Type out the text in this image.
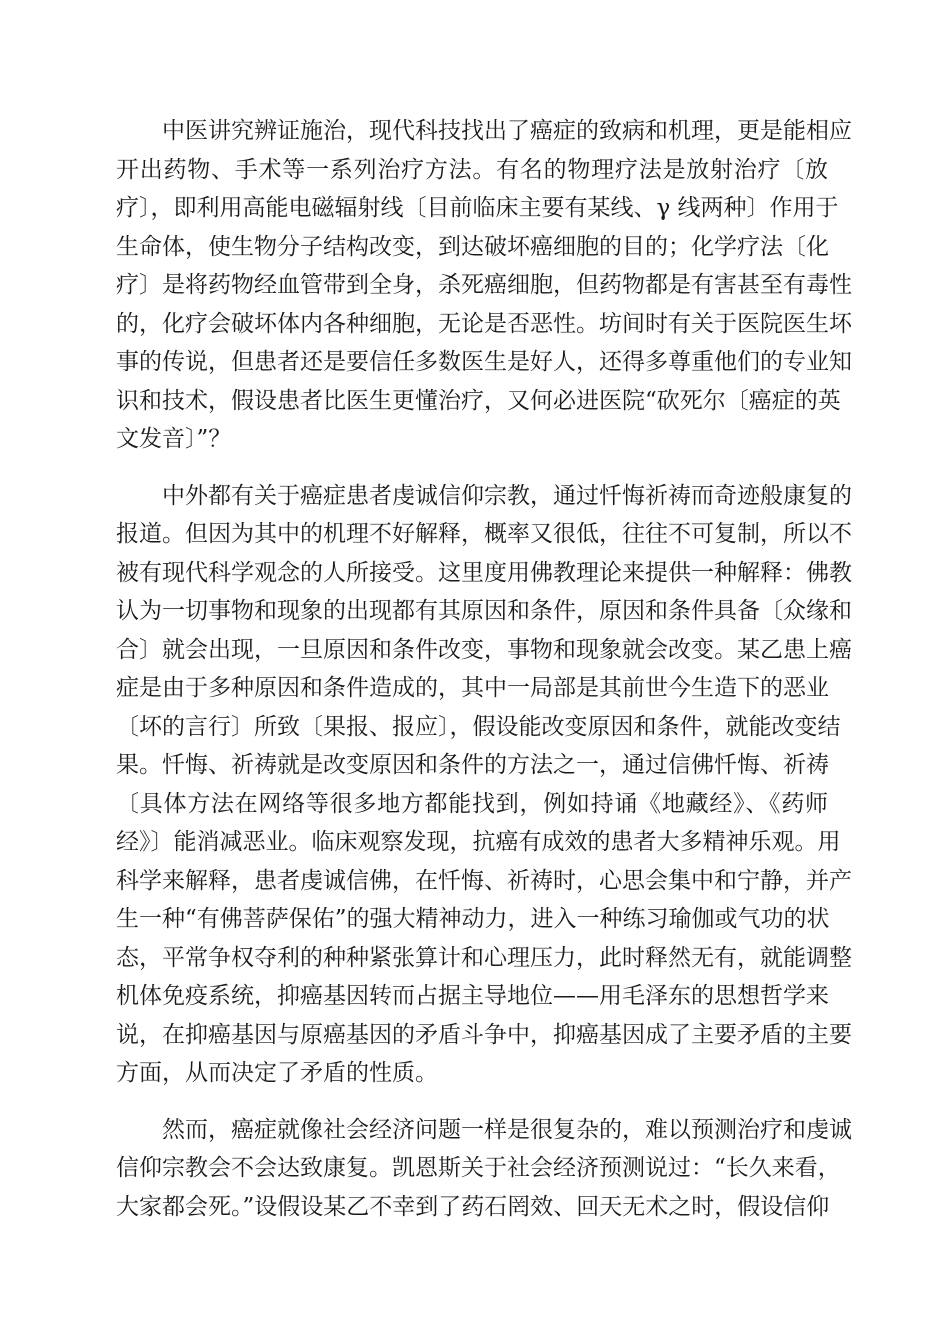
中医讲究辨证施治，现代科技找出了癌症的致病和机理，更是能相应
开出药物、手术等一系列治疗方法。有名的物理疗法是放射治疗〔放
疗〕，即利用高能电磁辐射线〔目前临床主要有某线、γ 线两种〕作用于
生命体，使生物分子结构改变，到达破坏癌细胞的目的；化学疗法〔化
疗〕是将药物经血管带到全身，杀死癌细胞，但药物都是有害甚至有毒性
的，化疗会破坏体内各种细胞，无论是否恶性。坊间时有关于医院医生坏
事的传说，但患者还是要信任多数医生是好人，还得多尊重他们的专业知
识和技术，假设患者比医生更懂治疗，又何必进医院“砍死尔〔癌症的英
文发音〕”？

中外都有关于癌症患者虔诚信仰宗教，通过忏悔祈祷而奇迹般康复的
报道。但因为其中的机理不好解释，概率又很低，往往不可复制，所以不
被有现代科学观念的人所接受。这里度用佛教理论来提供一种解释：佛教
认为一切事物和现象的出现都有其原因和条件，原因和条件具备〔众缘和
合〕就会出现，一旦原因和条件改变，事物和现象就会改变。某乙患上癌
症是由于多种原因和条件造成的，其中一局部是其前世今生造下的恶业
〔坏的言行〕所致〔果报、报应〕，假设能改变原因和条件，就能改变结
果。忏悔、祈祷就是改变原因和条件的方法之一，通过信佛忏悔、祈祷
〔具体方法在网络等很多地方都能找到，例如持诵《地藏经》、《药师
经》〕能消减恶业。临床观察发现，抗癌有成效的患者大多精神乐观。用
科学来解释，患者虔诚信佛，在忏悔、祈祷时，心思会集中和宁静，并产
生一种“有佛菩萨保佑”的强大精神动力，进入一种练习瑜伽或气功的状
态，平常争权夺利的种种紧张算计和心理压力，此时释然无有，就能调整
机体免疫系统，抑癌基因转而占据主导地位——用毛泽东的思想哲学来
说，在抑癌基因与原癌基因的矛盾斗争中，抑癌基因成了主要矛盾的主要
方面，从而决定了矛盾的性质。

然而，癌症就像社会经济问题一样是很复杂的，难以预测治疗和虔诚
信仰宗教会不会达致康复。凯恩斯关于社会经济预测说过：“长久来看，
大家都会死。”设假设某乙不幸到了药石罔效、回天无术之时，假设信仰
